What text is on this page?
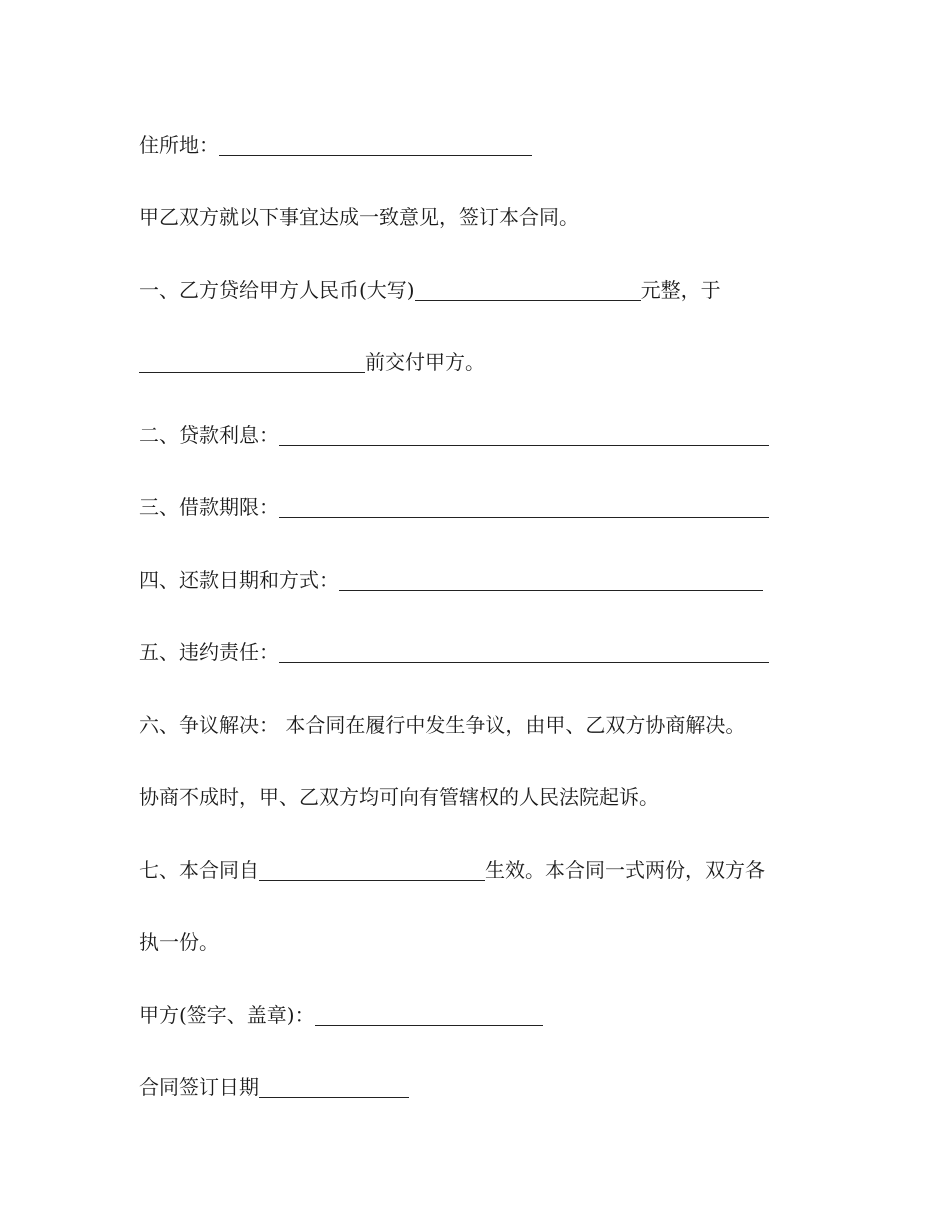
住所地：
甲乙双方就以下事宜达成一致意见，签订本合同。
一、乙方贷给甲方人民币(大写)	元整，于
前交付甲方。
二、贷款利息：
三、借款期限：
四、还款日期和方式：
五、违约责任：
六、争议解决： 本合同在履行中发生争议，由甲、乙双方协商解决。
协商不成时，甲、乙双方均可向有管辖权的人民法院起诉。
七、本合同自	生效。本合同一式两份，双方各
执一份。
甲方(签字、盖章)：
合同签订日期
